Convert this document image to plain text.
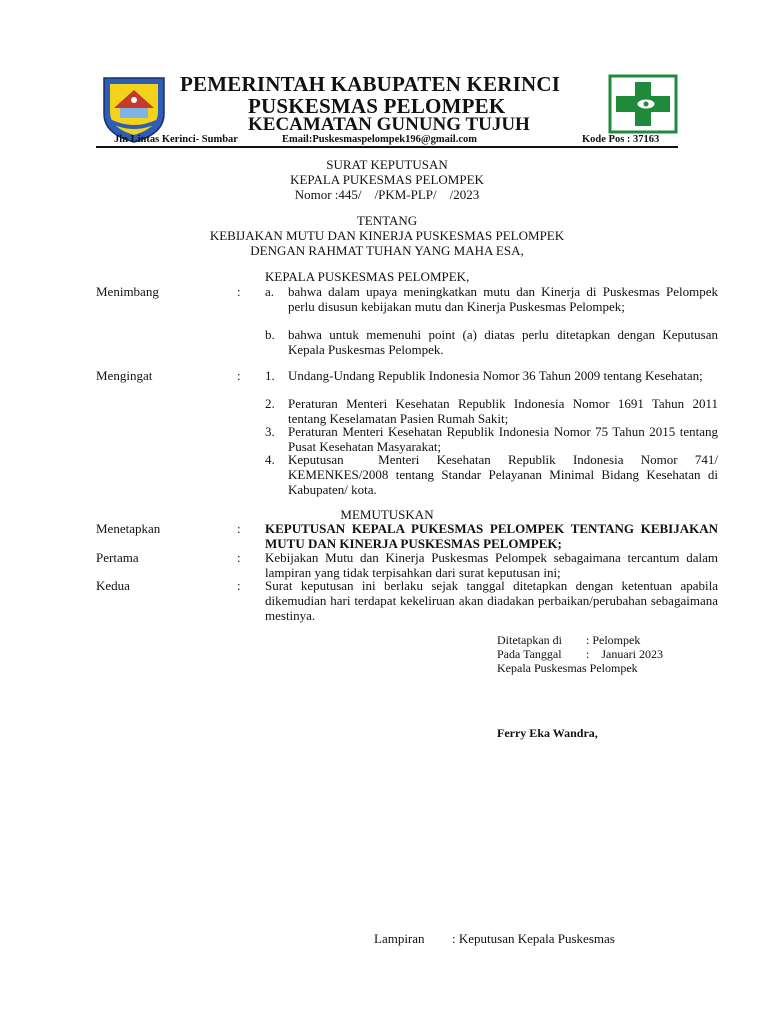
PEMERINTAH KABUPATEN KERINCI
PUSKESMAS PELOMPEK
KECAMATAN GUNUNG TUJUH
Jln Lintas Kerinci- Sumbar	Email:Puskesmaspelompek196@gmail.com	Kode Pos : 37163
SURAT KEPUTUSAN
KEPALA PUKESMAS PELOMPEK
Nomor :445/    /PKM-PLP/    /2023
TENTANG
KEBIJAKAN MUTU DAN KINERJA PUSKESMAS PELOMPEK
DENGAN RAHMAT TUHAN YANG MAHA ESA,
KEPALA PUSKESMAS PELOMPEK,
Menimbang	: a. bahwa dalam upaya meningkatkan mutu dan Kinerja di Puskesmas Pelompek perlu disusun kebijakan mutu dan Kinerja Puskesmas Pelompek;
b. bahwa untuk memenuhi point (a) diatas perlu ditetapkan dengan Keputusan Kepala Puskesmas Pelompek.
Mengingat	: 1. Undang-Undang Republik Indonesia Nomor 36 Tahun 2009 tentang Kesehatan;
2. Peraturan Menteri Kesehatan Republik Indonesia Nomor 1691 Tahun 2011 tentang Keselamatan Pasien Rumah Sakit;
3. Peraturan Menteri Kesehatan Republik Indonesia Nomor 75 Tahun 2015 tentang Pusat Kesehatan Masyarakat;
4. Keputusan  Menteri Kesehatan Republik Indonesia Nomor 741/ KEMENKES/2008 tentang Standar Pelayanan Minimal Bidang Kesehatan di Kabupaten/ kota.
MEMUTUSKAN
Menetapkan	: KEPUTUSAN KEPALA PUKESMAS PELOMPEK TENTANG KEBIJAKAN MUTU DAN KINERJA PUSKESMAS PELOMPEK;
Pertama	: Kebijakan Mutu dan Kinerja Puskesmas Pelompek sebagaimana tercantum dalam lampiran yang tidak terpisahkan dari surat keputusan ini;
Kedua	: Surat keputusan ini berlaku sejak tanggal ditetapkan dengan ketentuan apabila dikemudian hari terdapat kekeliruan akan diadakan perbaikan/perubahan sebagaimana mestinya.
Ditetapkan di : Pelompek
Pada Tanggal :    Januari 2023
Kepala Puskesmas Pelompek
Ferry Eka Wandra,
Lampiran : Keputusan Kepala Puskesmas
